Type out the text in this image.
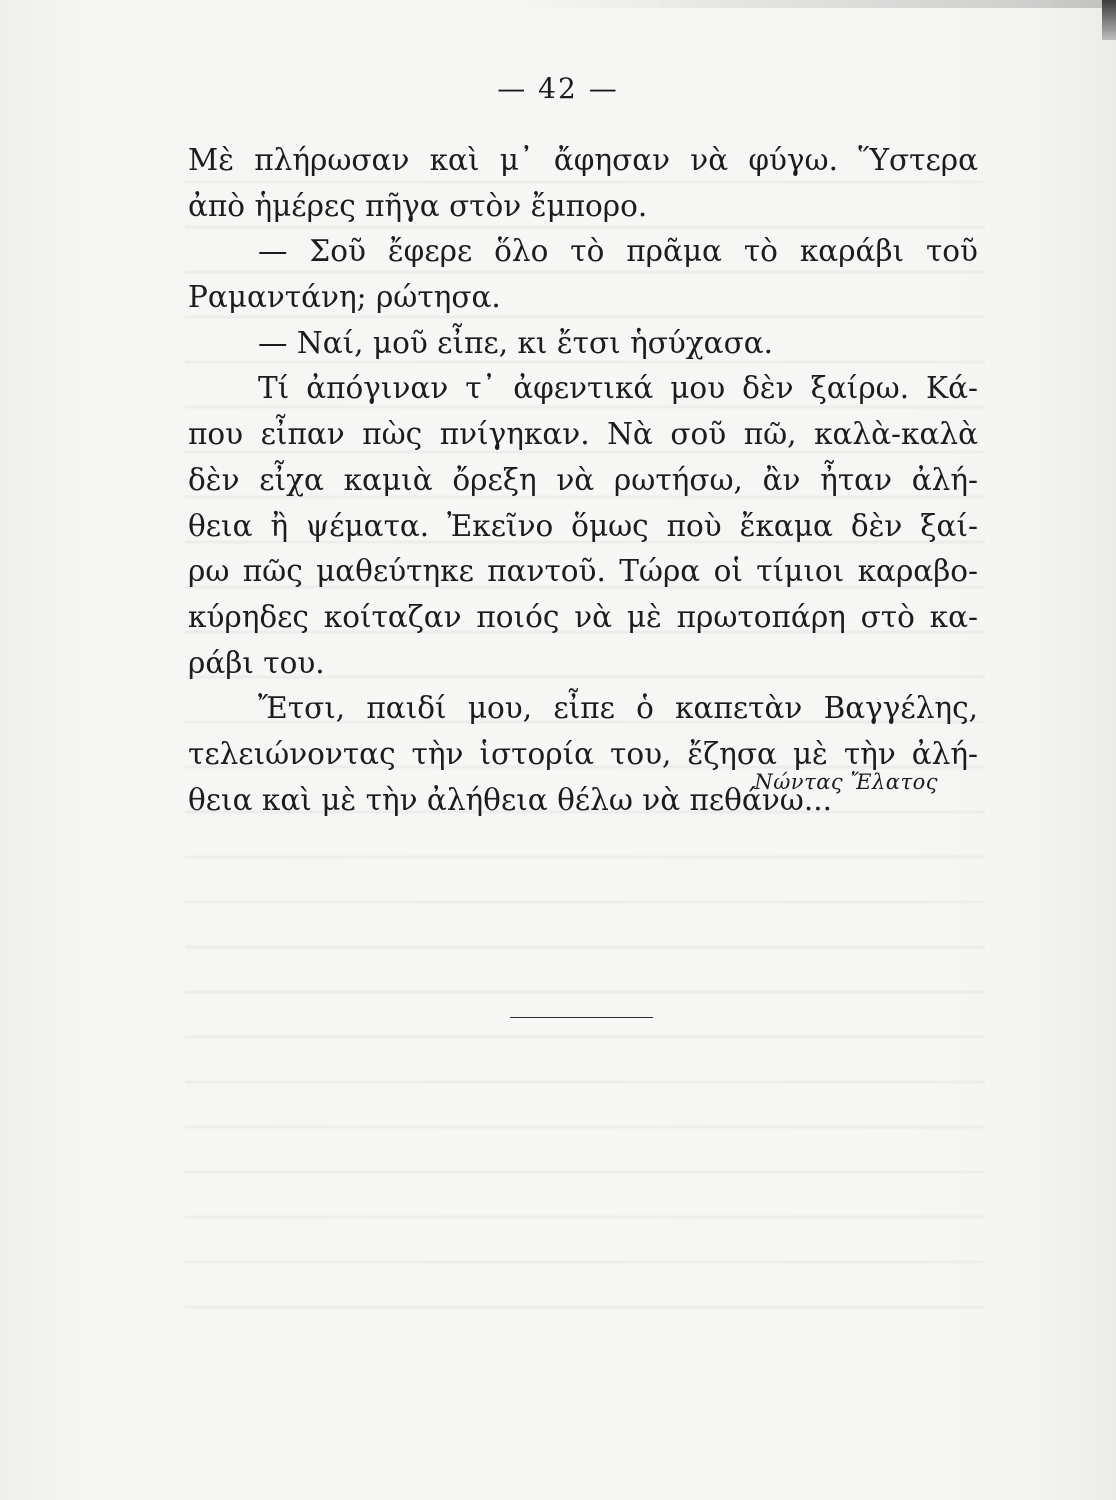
— 42 —
Μὲ πλήρωσαν καὶ μ᾿ ἄφησαν νὰ φύγω. Ὕστερα
ἀπὸ ἡμέρες πῆγα στὸν ἔμπορο.
— Σοῦ ἔφερε ὅλο τὸ πρᾶμα τὸ καράβι τοῦ
Ραμαντάνη; ρώτησα.
— Ναί, μοῦ εἶπε, κι ἔτσι ἡσύχασα.
Τί ἀπόγιναν τ᾿ ἀφεντικά μου δὲν ξαίρω. Κά-
που εἶπαν πὼς πνίγηκαν. Νὰ σοῦ πῶ, καλὰ-καλὰ
δὲν εἶχα καμιὰ ὄρεξη νὰ ρωτήσω, ἂν ἦταν ἀλή-
θεια ἢ ψέματα. Ἐκεῖνο ὅμως ποὺ ἔκαμα δὲν ξαί-
ρω πῶς μαθεύτηκε παντοῦ. Τώρα οἱ τίμιοι καραβο-
κύρηδες κοίταζαν ποιός νὰ μὲ πρωτοπάρη στὸ κα-
ράβι του.
Ἔτσι, παιδί μου, εἶπε ὁ καπετὰν Βαγγέλης,
τελειώνοντας τὴν ἱστορία του, ἔζησα μὲ τὴν ἀλή-
θεια καὶ μὲ τὴν ἀλήθεια θέλω νὰ πεθάνω...
Νώντας Ἔλατος
